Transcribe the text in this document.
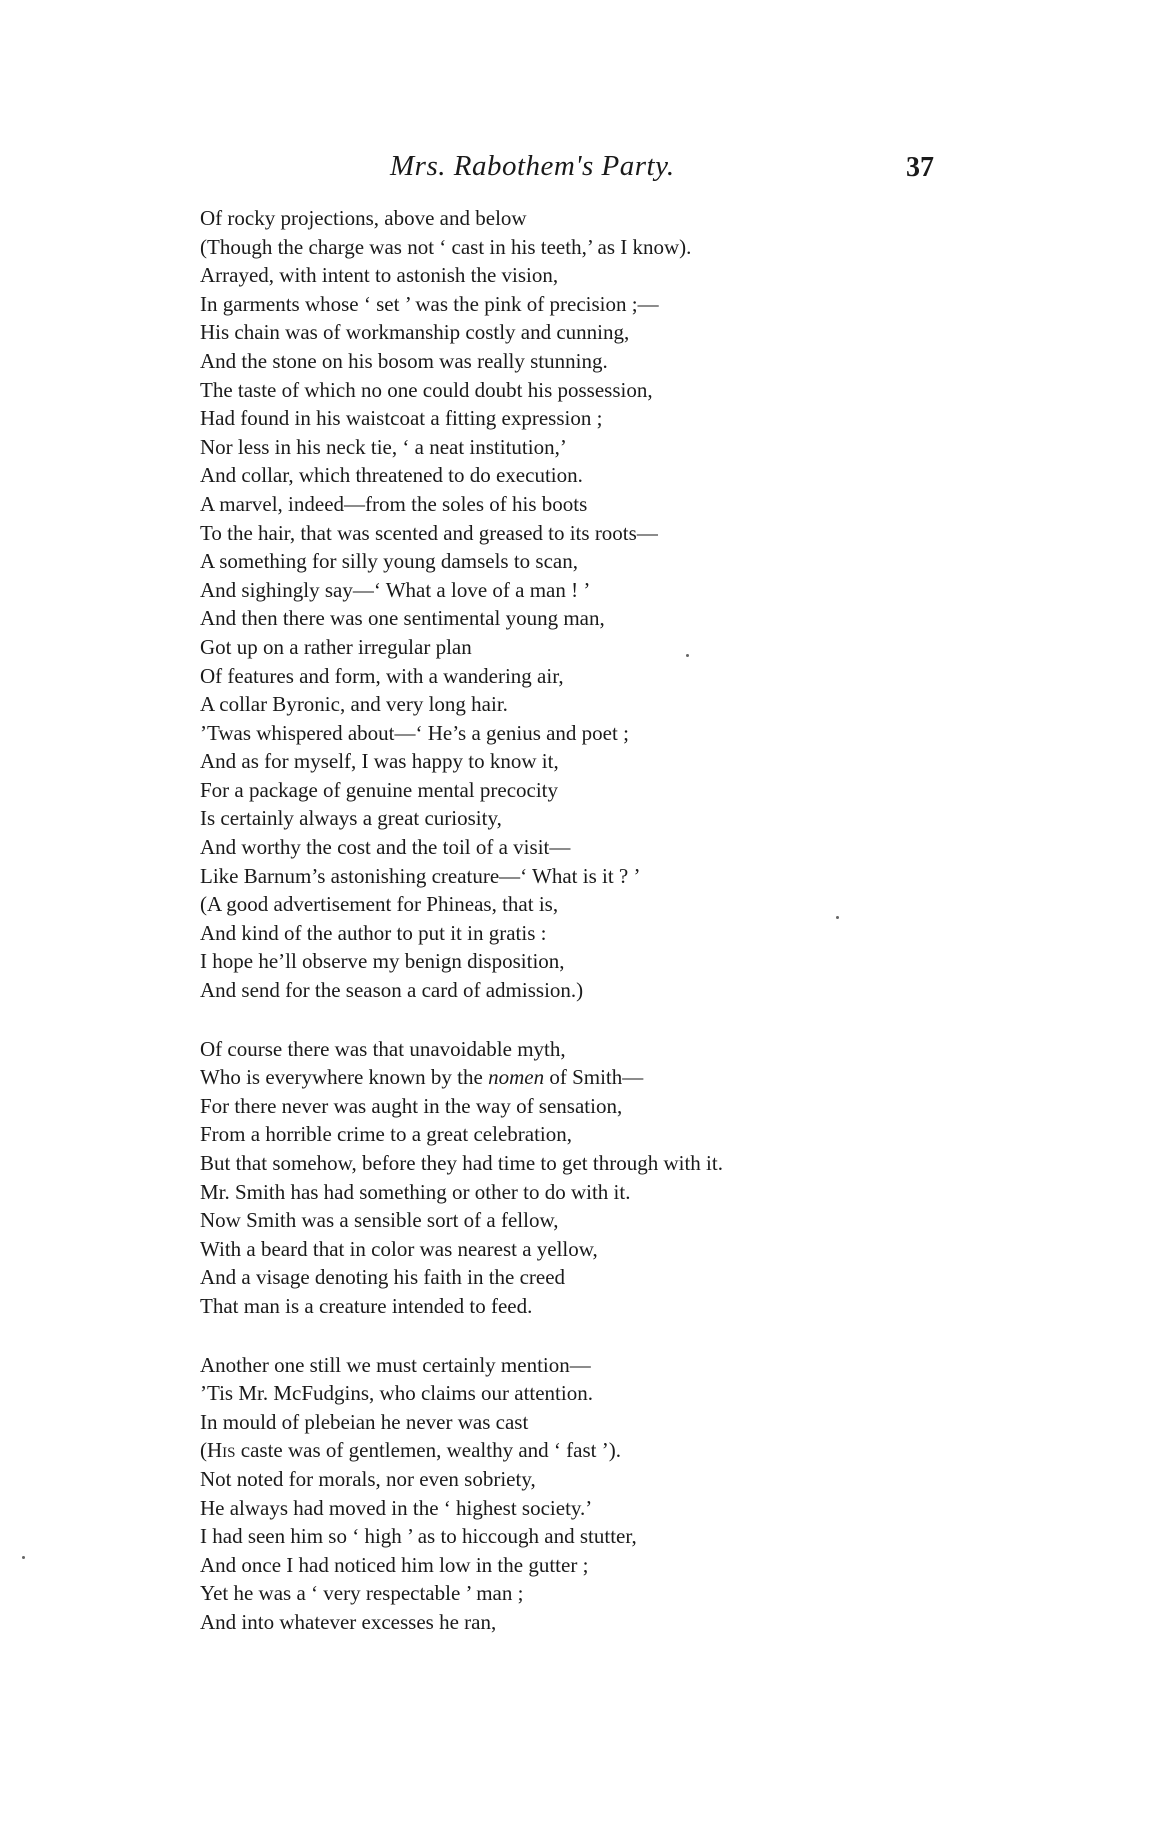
Mrs. Rabothem's Party.	37
Of rocky projections, above and below
(Though the charge was not ‘ cast in his teeth,’ as I know).
Arrayed, with intent to astonish the vision,
In garments whose ‘ set ’ was the pink of precision ;—
His chain was of workmanship costly and cunning,
And the stone on his bosom was really stunning.
The taste of which no one could doubt his possession,
Had found in his waistcoat a fitting expression ;
Nor less in his neck tie, ‘ a neat institution,’
And collar, which threatened to do execution.
A marvel, indeed—from the soles of his boots
To the hair, that was scented and greased to its roots—
A something for silly young damsels to scan,
And sighingly say—‘ What a love of a man ! ’
And then there was one sentimental young man,
Got up on a rather irregular plan
Of features and form, with a wandering air,
A collar Byronic, and very long hair.
’Twas whispered about—‘ He’s a genius and poet ;
And as for myself, I was happy to know it,
For a package of genuine mental precocity
Is certainly always a great curiosity,
And worthy the cost and the toil of a visit—
Like Barnum’s astonishing creature—‘ What is it ? ’
(A good advertisement for Phineas, that is,
And kind of the author to put it in gratis :
I hope he’ll observe my benign disposition,
And send for the season a card of admission.)
Of course there was that unavoidable myth,
Who is everywhere known by the nomen of Smith—
For there never was aught in the way of sensation,
From a horrible crime to a great celebration,
But that somehow, before they had time to get through with it.
Mr. Smith has had something or other to do with it.
Now Smith was a sensible sort of a fellow,
With a beard that in color was nearest a yellow,
And a visage denoting his faith in the creed
That man is a creature intended to feed.
Another one still we must certainly mention—
’Tis Mr. McFudgins, who claims our attention.
In mould of plebeian he never was cast
(His caste was of gentlemen, wealthy and ‘ fast ’).
Not noted for morals, nor even sobriety,
He always had moved in the ‘ highest society.’
I had seen him so ‘ high ’ as to hiccough and stutter,
And once I had noticed him low in the gutter ;
Yet he was a ‘ very respectable ’ man ;
And into whatever excesses he ran,
